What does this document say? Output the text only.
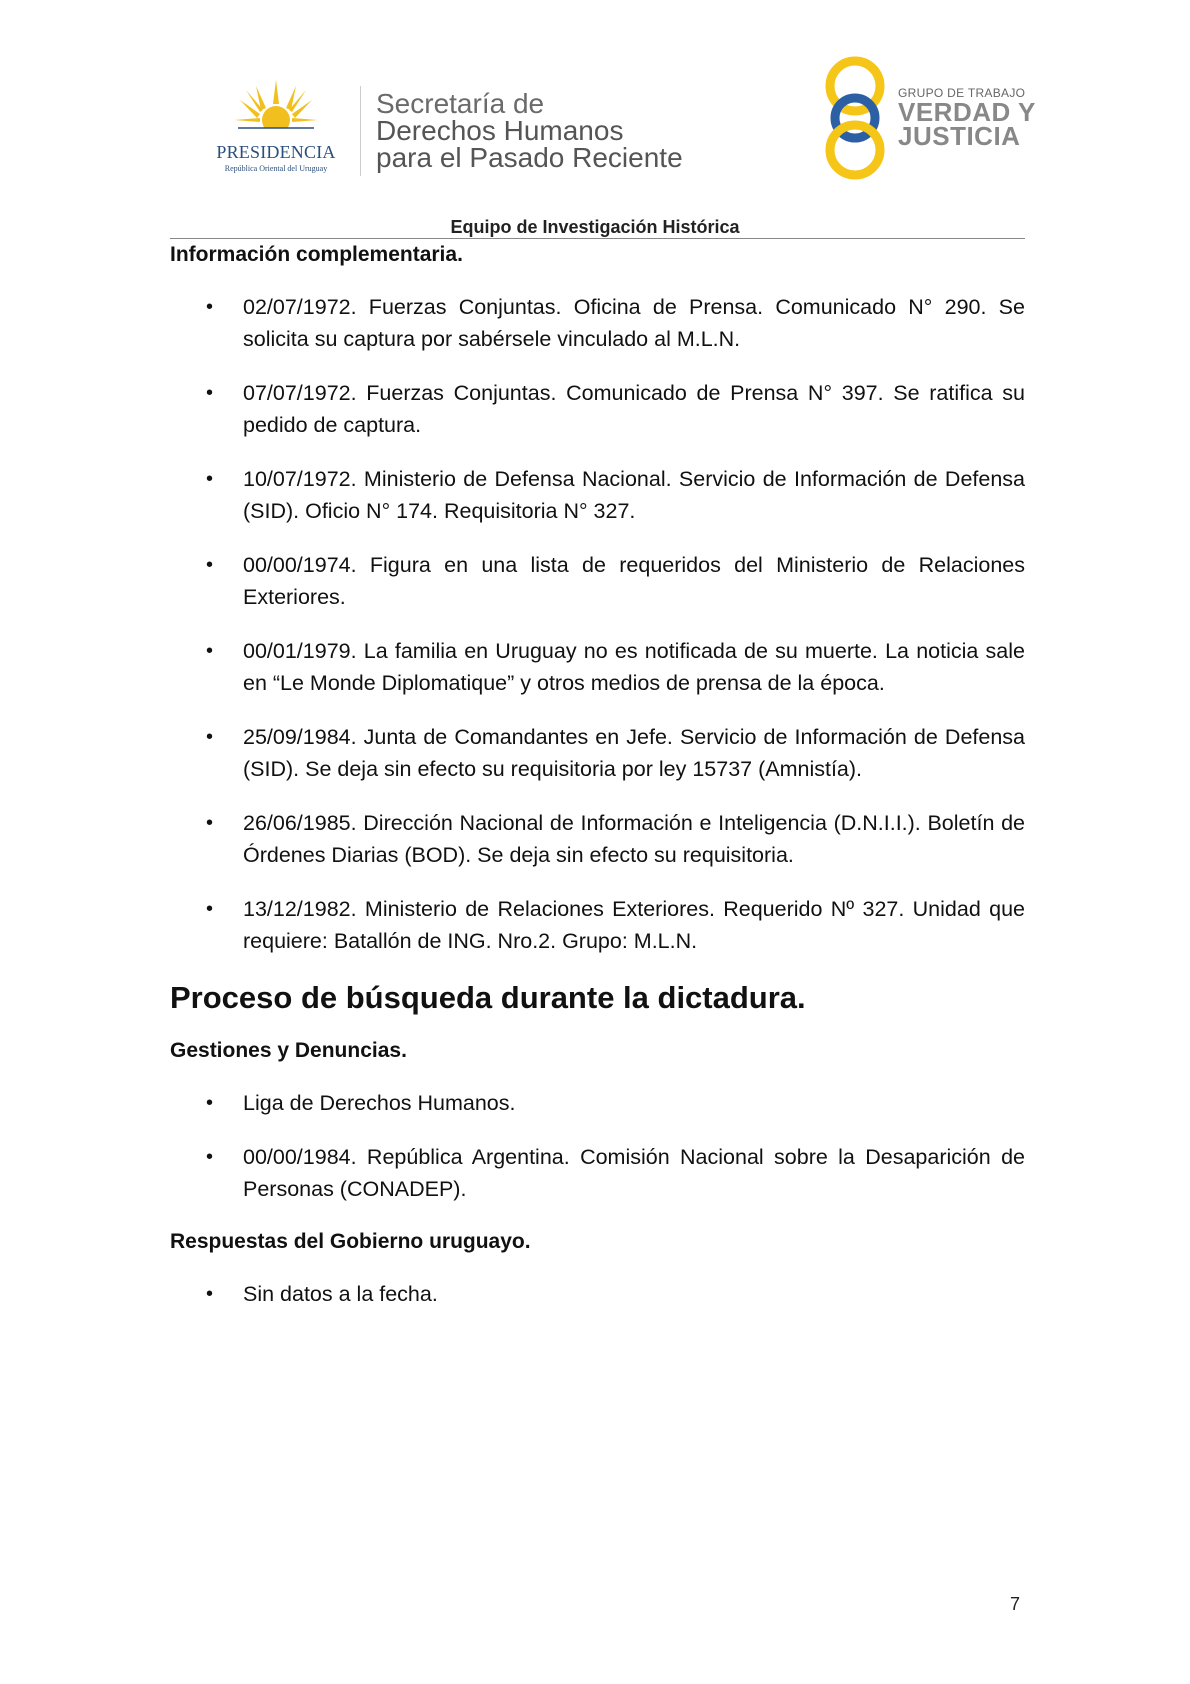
PRESIDENCIA
República Oriental del Uruguay
Secretaría de
Derechos Humanos
para el Pasado Reciente
GRUPO DE TRABAJO
VERDAD Y
JUSTICIA
Equipo de Investigación Histórica
Información complementaria.
• 02/07/1972. Fuerzas Conjuntas. Oficina de Prensa. Comunicado N° 290. Se solicita su captura por sabérsele vinculado al M.L.N.
• 07/07/1972. Fuerzas Conjuntas. Comunicado de Prensa N° 397. Se ratifica su pedido de captura.
• 10/07/1972. Ministerio de Defensa Nacional. Servicio de Información de Defensa (SID). Oficio N° 174. Requisitoria N° 327.
• 00/00/1974. Figura en una lista de requeridos del Ministerio de Relaciones Exteriores.
• 00/01/1979. La familia en Uruguay no es notificada de su muerte. La noticia sale en “Le Monde Diplomatique” y otros medios de prensa de la época.
• 25/09/1984. Junta de Comandantes en Jefe. Servicio de Información de Defensa (SID). Se deja sin efecto su requisitoria por ley 15737 (Amnistía).
• 26/06/1985. Dirección Nacional de Información e Inteligencia (D.N.I.I.). Boletín de Órdenes Diarias (BOD). Se deja sin efecto su requisitoria.
• 13/12/1982. Ministerio de Relaciones Exteriores. Requerido Nº 327. Unidad que requiere: Batallón de ING. Nro.2. Grupo: M.L.N.
Proceso de búsqueda durante la dictadura.
Gestiones y Denuncias.
• Liga de Derechos Humanos.
• 00/00/1984. República Argentina. Comisión Nacional sobre la Desaparición de Personas (CONADEP).
Respuestas del Gobierno uruguayo.
• Sin datos a la fecha.
7
